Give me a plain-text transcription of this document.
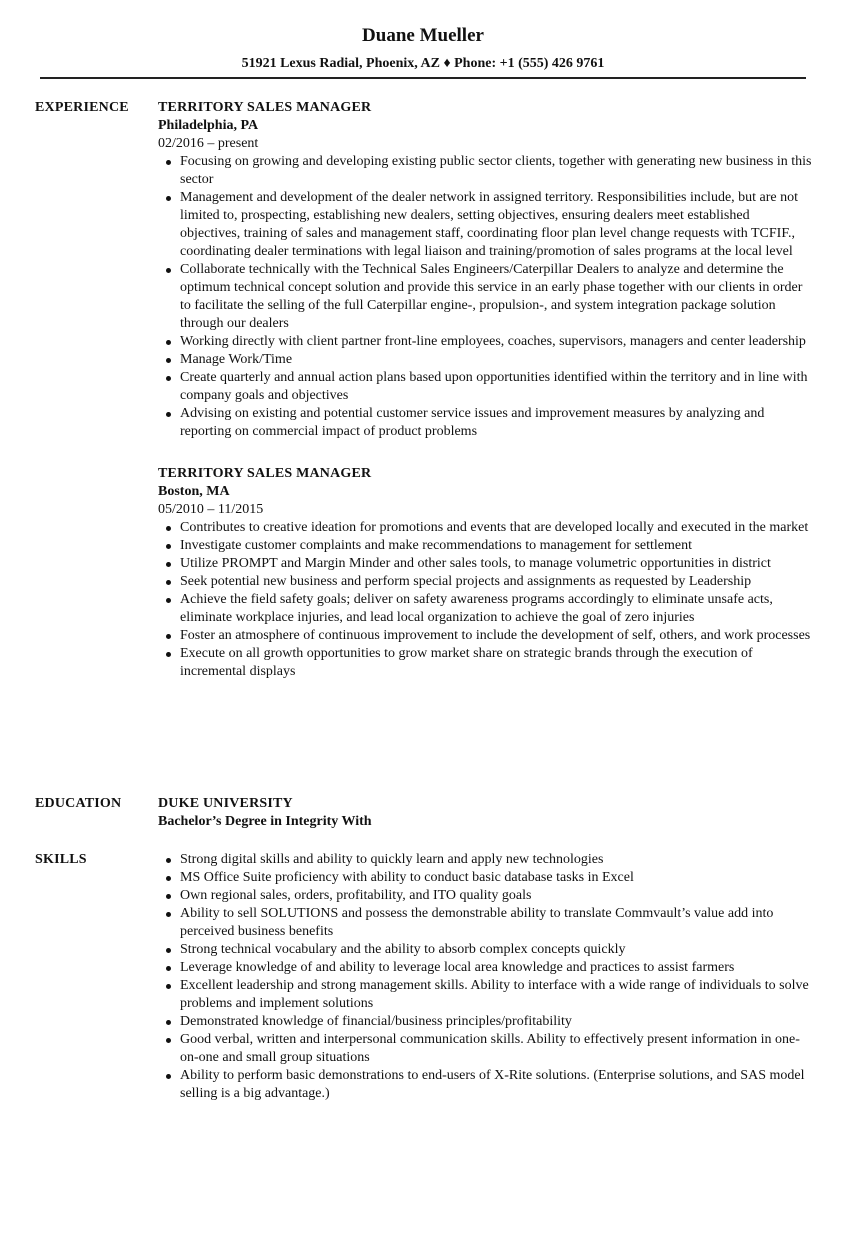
Duane Mueller
51921 Lexus Radial, Phoenix, AZ ♦ Phone: +1 (555) 426 9761
EXPERIENCE TERRITORY SALES MANAGER
Philadelphia, PA
02/2016 – present
Focusing on growing and developing existing public sector clients, together with generating new business in this sector
Management and development of the dealer network in assigned territory. Responsibilities include, but are not limited to, prospecting, establishing new dealers, setting objectives, ensuring dealers meet established objectives, training of sales and management staff, coordinating floor plan level change requests with TCFIF., coordinating dealer terminations with legal liaison and training/promotion of sales programs at the local level
Collaborate technically with the Technical Sales Engineers/Caterpillar Dealers to analyze and determine the optimum technical concept solution and provide this service in an early phase together with our clients in order to facilitate the selling of the full Caterpillar engine-, propulsion-, and system integration package solution through our dealers
Working directly with client partner front-line employees, coaches, supervisors, managers and center leadership
Manage Work/Time
Create quarterly and annual action plans based upon opportunities identified within the territory and in line with company goals and objectives
Advising on existing and potential customer service issues and improvement measures by analyzing and reporting on commercial impact of product problems
TERRITORY SALES MANAGER
Boston, MA
05/2010 – 11/2015
Contributes to creative ideation for promotions and events that are developed locally and executed in the market
Investigate customer complaints and make recommendations to management for settlement
Utilize PROMPT and Margin Minder and other sales tools, to manage volumetric opportunities in district
Seek potential new business and perform special projects and assignments as requested by Leadership
Achieve the field safety goals; deliver on safety awareness programs accordingly to eliminate unsafe acts, eliminate workplace injuries, and lead local organization to achieve the goal of zero injuries
Foster an atmosphere of continuous improvement to include the development of self, others, and work processes
Execute on all growth opportunities to grow market share on strategic brands through the execution of incremental displays
EDUCATION	DUKE UNIVERSITY
Bachelor’s Degree in Integrity With
SKILLS	Strong digital skills and ability to quickly learn and apply new technologies
MS Office Suite proficiency with ability to conduct basic database tasks in Excel
Own regional sales, orders, profitability, and ITO quality goals
Ability to sell SOLUTIONS and possess the demonstrable ability to translate Commvault’s value add into perceived business benefits
Strong technical vocabulary and the ability to absorb complex concepts quickly
Leverage knowledge of and ability to leverage local area knowledge and practices to assist farmers
Excellent leadership and strong management skills. Ability to interface with a wide range of individuals to solve problems and implement solutions
Demonstrated knowledge of financial/business principles/profitability
Good verbal, written and interpersonal communication skills. Ability to effectively present information in one-on-one and small group situations
Ability to perform basic demonstrations to end-users of X-Rite solutions. (Enterprise solutions, and SAS model selling is a big advantage.)
